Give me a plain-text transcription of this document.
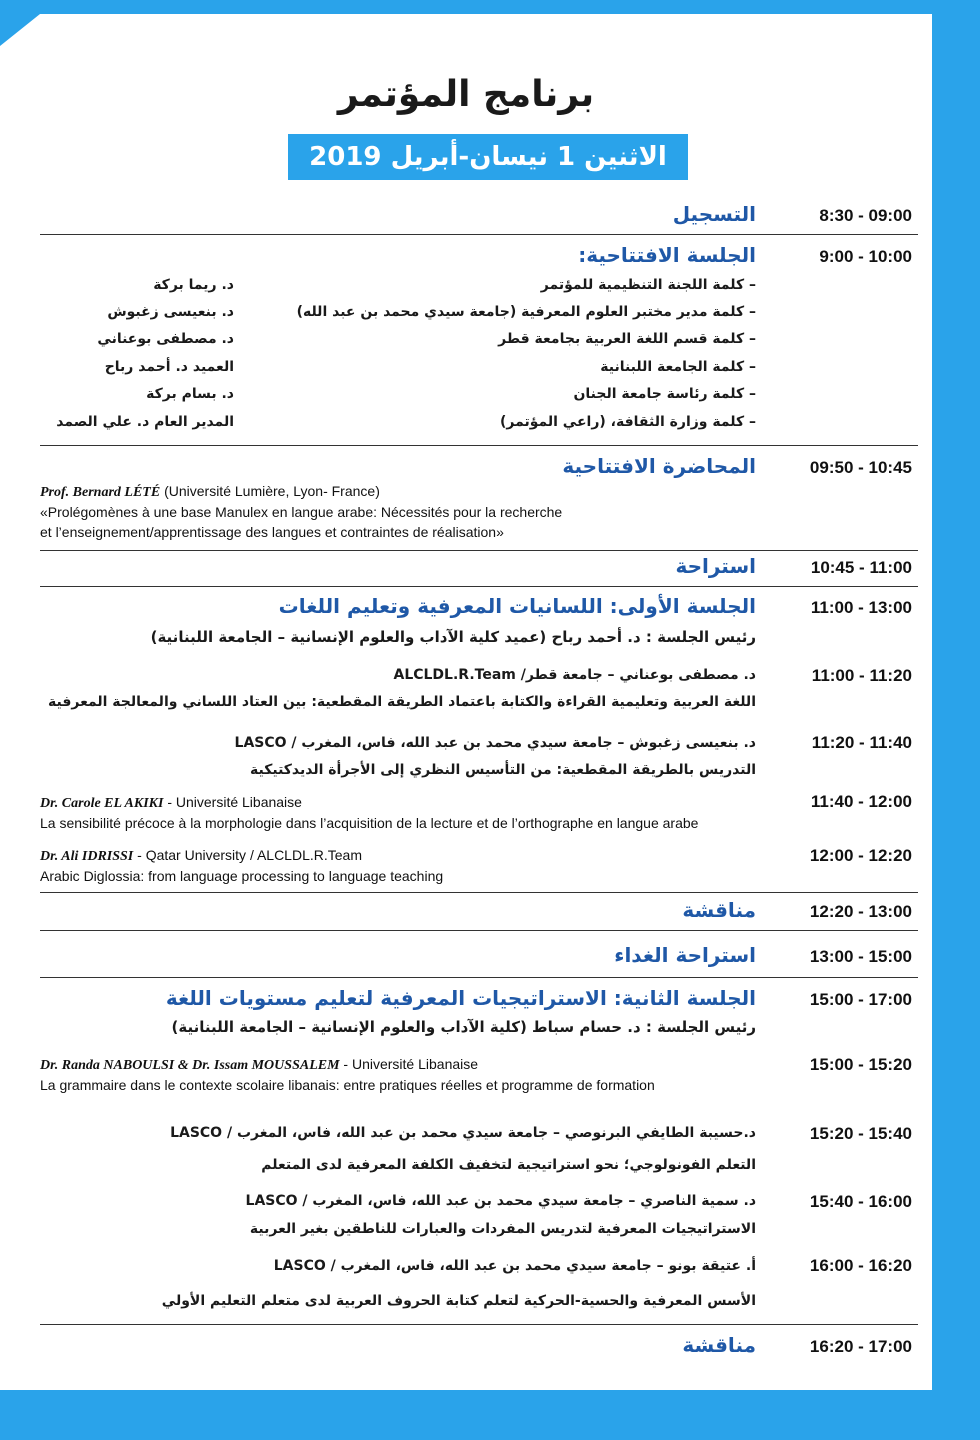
برنامج المؤتمر
الاثنين 1 نيسان-أبريل 2019
8:30 - 09:00
التسجيل
9:00 - 10:00
الجلسة الافتتاحية:
– كلمة اللجنة التنظيمية للمؤتمر
د. ريما بركة
– كلمة مدير مختبر العلوم المعرفية (جامعة سيدي محمد بن عبد الله)
د. بنعيسى زغبوش
– كلمة قسم اللغة العربية بجامعة قطر
د. مصطفى بوعناني
– كلمة الجامعة اللبنانية
العميد د. أحمد رباح
– كلمة رئاسة جامعة الجنان
د. بسام بركة
– كلمة وزارة الثقافة، (راعي المؤتمر)
المدير العام د. علي الصمد
09:50 - 10:45
المحاضرة الافتتاحية
Prof. Bernard LÉTÉ (Université Lumière, Lyon- France)
«Prolégomènes à une base Manulex en langue arabe: Nécessités pour la recherche
et l’enseignement/apprentissage des langues et contraintes de réalisation»
10:45 - 11:00
استراحة
11:00 - 13:00
الجلسة الأولى: اللسانيات المعرفية وتعليم اللغات
رئيس الجلسة : د. أحمد رباح (عميد كلية الآداب والعلوم الإنسانية – الجامعة اللبنانية)
11:00 - 11:20
د. مصطفى بوعناني – جامعة قطر/ ALCLDL.R.Team
اللغة العربية وتعليمية القراءة والكتابة باعتماد الطريقة المقطعية: بين العتاد اللساني والمعالجة المعرفية
11:20 - 11:40
د. بنعيسى زغبوش – جامعة سيدي محمد بن عبد الله، فاس، المغرب / LASCO
التدريس بالطريقة المقطعية: من التأسيس النظري إلى الأجرأة الديدكتيكية
11:40 - 12:00
Dr. Carole EL AKIKI - Université Libanaise
La sensibilité précoce à la morphologie dans l’acquisition de la lecture et de l’orthographe en langue arabe
12:00 - 12:20
Dr. Ali IDRISSI - Qatar University / ALCLDL.R.Team
Arabic Diglossia: from language processing to language teaching
12:20 - 13:00
مناقشة
13:00 - 15:00
استراحة الغداء
15:00 - 17:00
الجلسة الثانية: الاستراتيجيات المعرفية لتعليم مستويات اللغة
رئيس الجلسة : د. حسام سباط (كلية الآداب والعلوم الإنسانية – الجامعة اللبنانية)
15:00 - 15:20
Dr. Randa NABOULSI & Dr. Issam MOUSSALEM - Université Libanaise
La grammaire dans le contexte scolaire libanais: entre pratiques réelles et programme de formation
15:20 - 15:40
د.حسيبة الطايفي البرنوصي – جامعة سيدي محمد بن عبد الله، فاس، المغرب / LASCO
التعلم الفونولوجي؛ نحو استراتيجية لتخفيف الكلفة المعرفية لدى المتعلم
15:40 - 16:00
د. سمية الناصري – جامعة سيدي محمد بن عبد الله، فاس، المغرب / LASCO
الاستراتيجيات المعرفية لتدريس المفردات والعبارات للناطقين بغير العربية
16:00 - 16:20
أ. عتيقة بونو – جامعة سيدي محمد بن عبد الله، فاس، المغرب / LASCO
الأسس المعرفية والحسية-الحركية لتعلم كتابة الحروف العربية لدى متعلم التعليم الأولي
16:20 - 17:00
مناقشة
